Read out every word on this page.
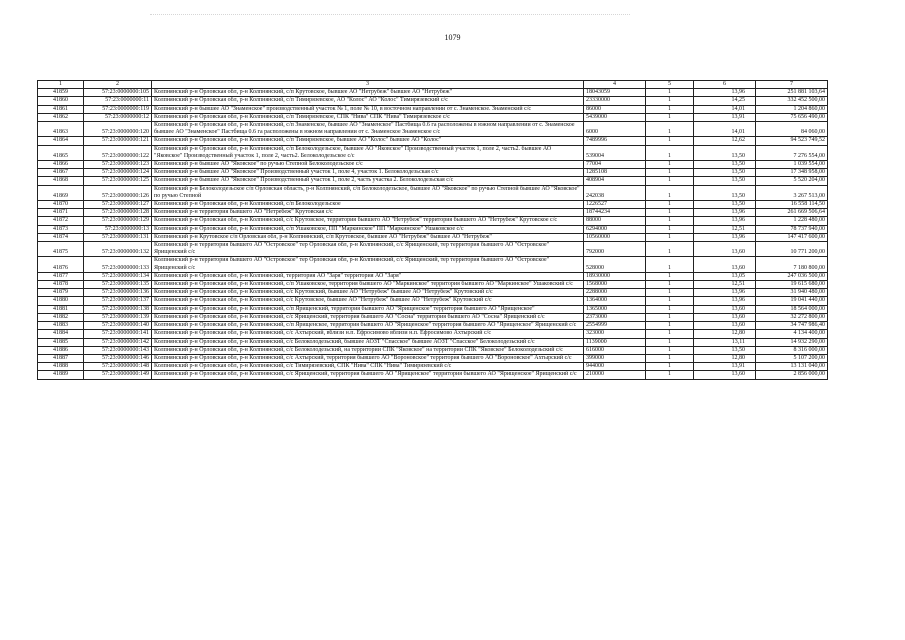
1079
1	2	3	4	5	6	7
41859	57:23:0000000:105	Колпнянский р-н Орловская обл, р-н Колпнянский, с/п Крутовское, бывшее АО "Нетрубеж" бывшее АО "Нетрубеж"	18043059	1	13,96	251 881 103,64
41860	57:23:0000000:11	Колпнянский р-н Орловская обл, р-н Колпнянский, с/п Тимирязевское, АО "Колос" АО "Колос" Тимирязевский с/с	23330000	1	14,25	332 452 500,00
41861	57:23:0000000:119	Колпнянский р-н бывшее АО "Знаменское" производственный участок № 1, поле № 10, в восточном направлении от с. Знаменское. Знаменский с/с	86000	1	14,01	1 204 860,00
41862	57:23:0000000:12	Колпнянский р-н Орловская обл, р-н Колпнянский, с/п Тимирязевское, СПК "Нива" СПК "Нива" Тимирязевское с/с	5439000	1	13,91	75 656 490,00
41863	57:23:0000000:120	Колпнянский р-н Орловская обл, р-н Колпнянский, с/п Знаменское, бывшее АО "Знаменское" Пастбища 0.6 га расположены в южном направлении от с. Знаменское бывшее АО "Знаменское" Пастбища 0.6 га расположены в южном направлении от с. Знаменское Знаменское с/с	6000	1	14,01	84 060,00
41864	57:23:0000000:121	Колпнянский р-н Орловская обл, р-н Колпнянский, с/п Тимирязевское, бывшее АО "Колос" бывшее АО "Колос"	7489996	1	12,62	94 523 749,52
41865	57:23:0000000:122	Колпнянский р-н Орловская обл, р-н Колпнянский, с/п Белоколодезьское, бывшее АО "Яковское" Производственный участок 1, поле 2, часть2. бывшее АО "Яковское" Производственный участок 1, поле 2, часть2. Белоколодезьское с/с	539004	1	13,50	7 276 554,00
41866	57:23:0000000:123	Колпнянский р-н бывшее АО "Яковское" по ручью Степной Белоколодезьское с/с	77004	1	13,50	1 039 554,00
41867	57:23:0000000:124	Колпнянский р-н бывшее АО "Яковское" Производственный участок 1, поле 4, участок 1. Белоколодезьская с/с	1285108	1	13,50	17 348 958,00
41868	57:23:0000000:125	Колпнянский р-н бывшее АО "Яковское" Производственный участок 1, поле 2, часть участка 2. Белоколодезьская с/с	408904	1	13,50	5 520 204,00
41869	57:23:0000000:126	Колпнянский р-н Белоколодезьское с/п Орловская область, р-н Колпнянский, с/п Белоколодезьское, бывшее АО "Яковское" по ручью Степной бывшее АО "Яковское" по ручью Степной	242038	1	13,50	3 267 513,00
41870	57:23:0000000:127	Колпнянский р-н Орловская обл, р-н Колпнянский, с/п Белоколодезьское	1226527	1	13,50	16 558 114,50
41871	57:23:0000000:128	Колпнянский р-н территория бывшего АО "Нетребеж" Крутовская с/с	18744234	1	13,96	261 669 506,64
41872	57:23:0000000:129	Колпнянский р-н Орловская обл, р-н Колпнянский, с/с Крутовское, территория бывшего АО "Нетрубеж" территория бывшего АО "Нетрубеж" Крутовское с/с	88000	1	13,96	1 228 480,00
41873	57:23:0000000:13	Колпнянский р-н Орловская обл, р-н Колпнянский, с/п Ушаковское, ПП "Маркинское" ПП "Маркинское" Ушаковское с/с	6294000	1	12,51	78 737 940,00
41874	57:23:0000000:131	Колпнянский р-н Крутовское с/п Орловская обл, р-н Колпнянский, с/п Крутовское, бывшее АО "Нетрубеж" бывшее АО "Нетрубеж"	10560000	1	13,96	147 417 600,00
41875	57:23:0000000:132	Колпнянский р-н территория бывшего АО "Островское" тер Орловская обл, р-н Колпнянский, с/с Ярищенский, тер территория бывшего АО "Островское" Ярищенский с/с	792000	1	13,60	10 771 200,00
41876	57:23:0000000:133	Колпнянский р-н территория бывшего АО "Островское" тер Орловская обл, р-н Колпнянский, с/с Ярищенский, тер территория бывшего АО "Островское" Ярищенский с/с	528000	1	13,60	7 180 800,00
41877	57:23:0000000:134	Колпнянский р-н Орловская обл, р-н Колпнянский, территория АО "Заря" территория АО "Заря"	18930000	1	13,05	247 036 500,00
41878	57:23:0000000:135	Колпнянский р-н Орловская обл, р-н Колпнянский, с/п Ушаковское, территория бывшего АО "Маркинское" территория бывшего АО "Маркинское" Ушаковский с/с	1568000	1	12,51	19 615 680,00
41879	57:23:0000000:136	Колпнянский р-н Орловская обл, р-н Колпнянский, с/с Крутовский, бывшее АО "Нетрубеж" бывшее АО "Нетрубеж" Крутовский с/с	2288000	1	13,96	31 940 480,00
41880	57:23:0000000:137	Колпнянский р-н Орловская обл, р-н Колпнянский, с/с Крутовское, бывшее АО "Нетрубеж" бывшее АО "Нетрубеж" Крутовский с/с	1364000	1	13,96	19 041 440,00
41881	57:23:0000000:138	Колпнянский р-н Орловская обл, р-н Колпнянский, с/п Ярищенский, территория бывшего АО "Ярищенское" территория бывшего АО "Ярищенское"	1365000	1	13,60	18 564 000,00
41882	57:23:0000000:139	Колпнянский р-н Орловская обл, р-н Колпнянский, с/с Ярищенский, территория бывшего АО "Сосна" территория бывшего АО "Сосна" Ярищенский с/с	2373000	1	13,60	32 272 800,00
41883	57:23:0000000:140	Колпнянский р-н Орловская обл, р-н Колпнянский, с/п Ярищенское, территория бывшего АО "Ярищенское" территория бывшего АО "Ярищенское" Ярищенский с/с	2554999	1	13,60	34 747 986,40
41884	57:23:0000000:141	Колпнянский р-н Орловская обл, р-н Колпнянский, с/с Ахтырский, вблизи н.п. Ефросимово вблизи н.п. Ефросимово Ахтырский с/с	323000	1	12,80	4 134 400,00
41885	57:23:0000000:142	Колпнянский р-н Орловская обл, р-н Колпнянский, с/с Белоколодезьский, бывшее АОЗТ "Спасское" бывшее АОЗТ "Спасское" Белоколодезьский с/с	1139000	1	13,11	14 932 290,00
41886	57:23:0000000:143	Колпнянский р-н Орловская обл, р-н Колпнянский, с/с Белоколодезьский, на территории СПК "Яковское" на территории СПК "Яковское" Белоколодезьский с/с	616000	1	13,50	8 316 000,00
41887	57:23:0000000:146	Колпнянский р-н Орловская обл, р-н Колпнянский, с/с Ахтырский, территория бывшего АО "Вороновское" территория бывшего АО "Вороновское" Ахтырский с/с	399000	1	12,80	5 107 200,00
41888	57:23:0000000:148	Колпнянский р-н Орловская обл, р-н Колпнянский, с/с Тимирязевский, СПК "Нива" СПК "Нива" Тимирязевский с/с	944000	1	13,91	13 131 040,00
41889	57:23:0000000:149	Колпнянский р-н Орловская обл, р-н Колпнянский, с/с Ярищенский, территория бывшего АО "Ярищенское" территория бывшего АО "Ярищенское" Ярищенский с/с	210000	1	13,60	2 856 000,00
